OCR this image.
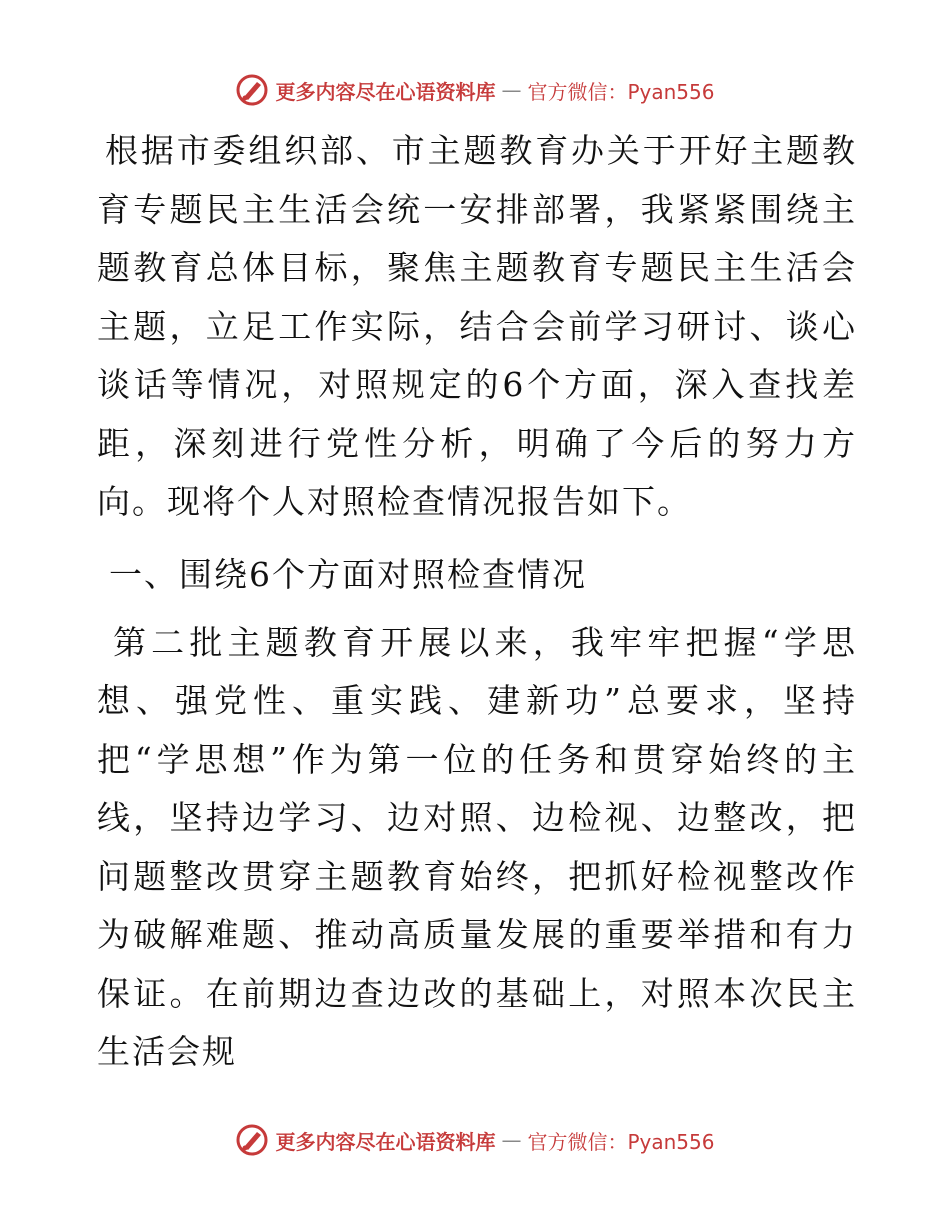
更多内容尽在心语资料库 — 官方微信：Pyan556

根据市委组织部、市主题教育办关于开好主题教育专题民主生活会统一安排部署，我紧紧围绕主题教育总体目标，聚焦主题教育专题民主生活会主题，立足工作实际，结合会前学习研讨、谈心谈话等情况，对照规定的6个方面，深入查找差距，深刻进行党性分析，明确了今后的努力方向。现将个人对照检查情况报告如下。

一、围绕6个方面对照检查情况

第二批主题教育开展以来，我牢牢把握“学思想、强党性、重实践、建新功”总要求，坚持把“学思想”作为第一位的任务和贯穿始终的主线，坚持边学习、边对照、边检视、边整改，把问题整改贯穿主题教育始终，把抓好检视整改作为破解难题、推动高质量发展的重要举措和有力保证。在前期边查边改的基础上，对照本次民主生活会规

更多内容尽在心语资料库 — 官方微信：Pyan556
